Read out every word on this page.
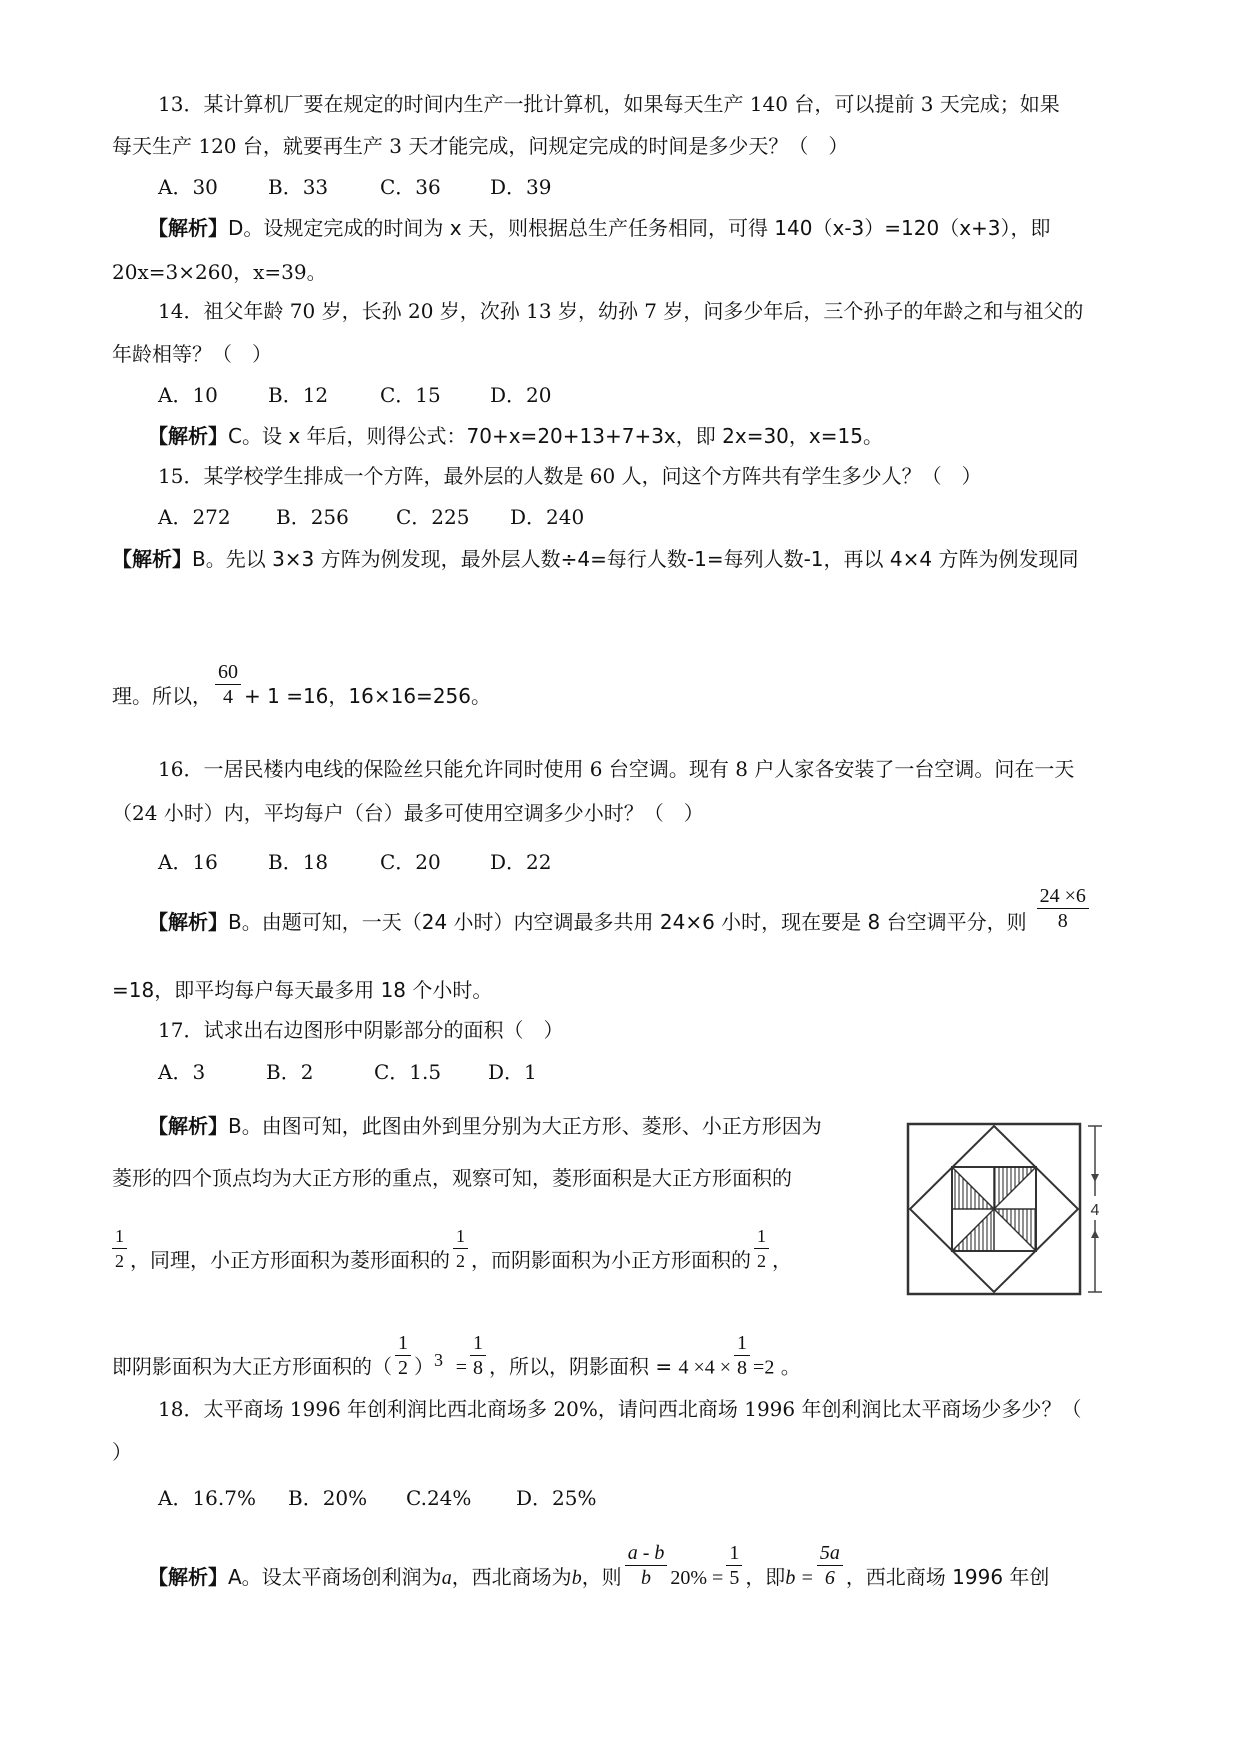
13．某计算机厂要在规定的时间内生产一批计算机，如果每天生产 140 台，可以提前 3 天完成；如果
每天生产 120 台，就要再生产 3 天才能完成，问规定完成的时间是多少天？（　）
A．30	B．33	C．36 D．39
【解析】D。设规定完成的时间为 x 天，则根据总生产任务相同，可得 140（x-3）=120（x+3），即
20x=3×260，x=39。
14．祖父年龄 70 岁，长孙 20 岁，次孙 13 岁，幼孙 7 岁，问多少年后，三个孙子的年龄之和与祖父的
年龄相等？（　）
A．10	B．12	C．15 D．20
【解析】C。设 x 年后，则得公式：70+x=20+13+7+3x，即 2x=30，x=15。
15．某学校学生排成一个方阵，最外层的人数是 60 人，问这个方阵共有学生多少人？（　）
A．272 B．256 C．225 D．240
【解析】B。先以 3×3 方阵为例发现，最外层人数÷4=每行人数-1=每列人数-1，再以 4×4 方阵为例发现同
理。所以， $\frac{60}{4} + 1 =16$，16×16=256。
16．一居民楼内电线的保险丝只能允许同时使用 6 台空调。现有 8 户人家各安装了一台空调。问在一天
（24 小时）内，平均每户（台）最多可使用空调多少小时？（　）
A．16	B．18	C．20 D．22
【解析】B。由题可知，一天（24 小时）内空调最多共用 24×6 小时，现在要是 8 台空调平分，则 $\frac{24 \times 6}{8}$
=18，即平均每户每天最多用 18 个小时。
17．试求出右边图形中阴影部分的面积（　）
A．3	B．2	C．1.5 D．1
【解析】B。由图可知，此图由外到里分别为大正方形、菱形、小正方形因为
菱形的四个顶点均为大正方形的重点，观察可知，菱形面积是大正方形面积的
$\frac{1}{2}$ ，同理，小正方形面积为菱形面积的 $\frac{1}{2}$ ，而阴影面积为小正方形面积的 $\frac{1}{2}$ ，
即阴影面积为大正方形面积的（ $\frac{1}{2} )^3 = \frac{1}{8}$ ，所以，阴影面积 = $4 \times 4 \times \frac{1}{8} =2$ 。
4
18．太平商场 1996 年创利润比西北商场多 20%，请问西北商场 1996 年创利润比太平商场少多少？（
）
A．16.7% B．20% C.24% D．25%
【解析】A。设太平商场创利润为a，西北商场为b，则 $\frac{a - b}{b} 20\% = \frac{1}{5}$ ，即$b = \frac{5a}{6}$ ，西北商场 1996 年创
